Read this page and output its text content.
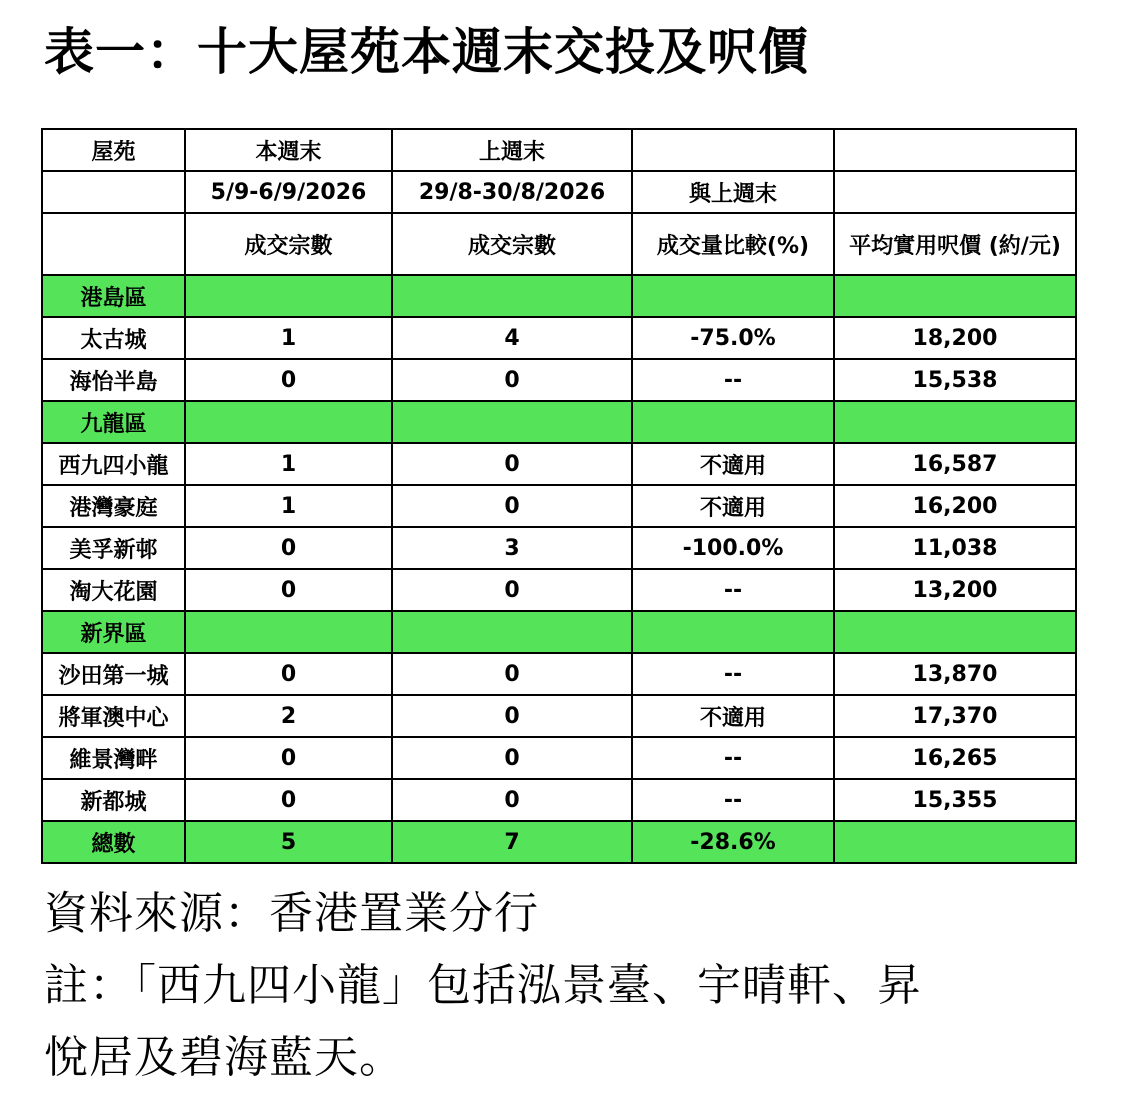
表一：十大屋苑本週末交投及呎價
屋苑	本週末	上週末		
	5/9-6/9/2026	29/8-30/8/2026	與上週末	
	成交宗數	成交宗數	成交量比較(%)	平均實用呎價 (約/元)
港島區				
太古城	1	4	-75.0%	18,200
海怡半島	0	0	--	15,538
九龍區				
西九四小龍	1	0	不適用	16,587
港灣豪庭	1	0	不適用	16,200
美孚新邨	0	3	-100.0%	11,038
淘大花園	0	0	--	13,200
新界區				
沙田第一城	0	0	--	13,870
將軍澳中心	2	0	不適用	17,370
維景灣畔	0	0	--	16,265
新都城	0	0	--	15,355
總數	5	7	-28.6%	
資料來源：香港置業分行
註：「西九四小龍」包括泓景臺、宇晴軒、昇
悅居及碧海藍天。
